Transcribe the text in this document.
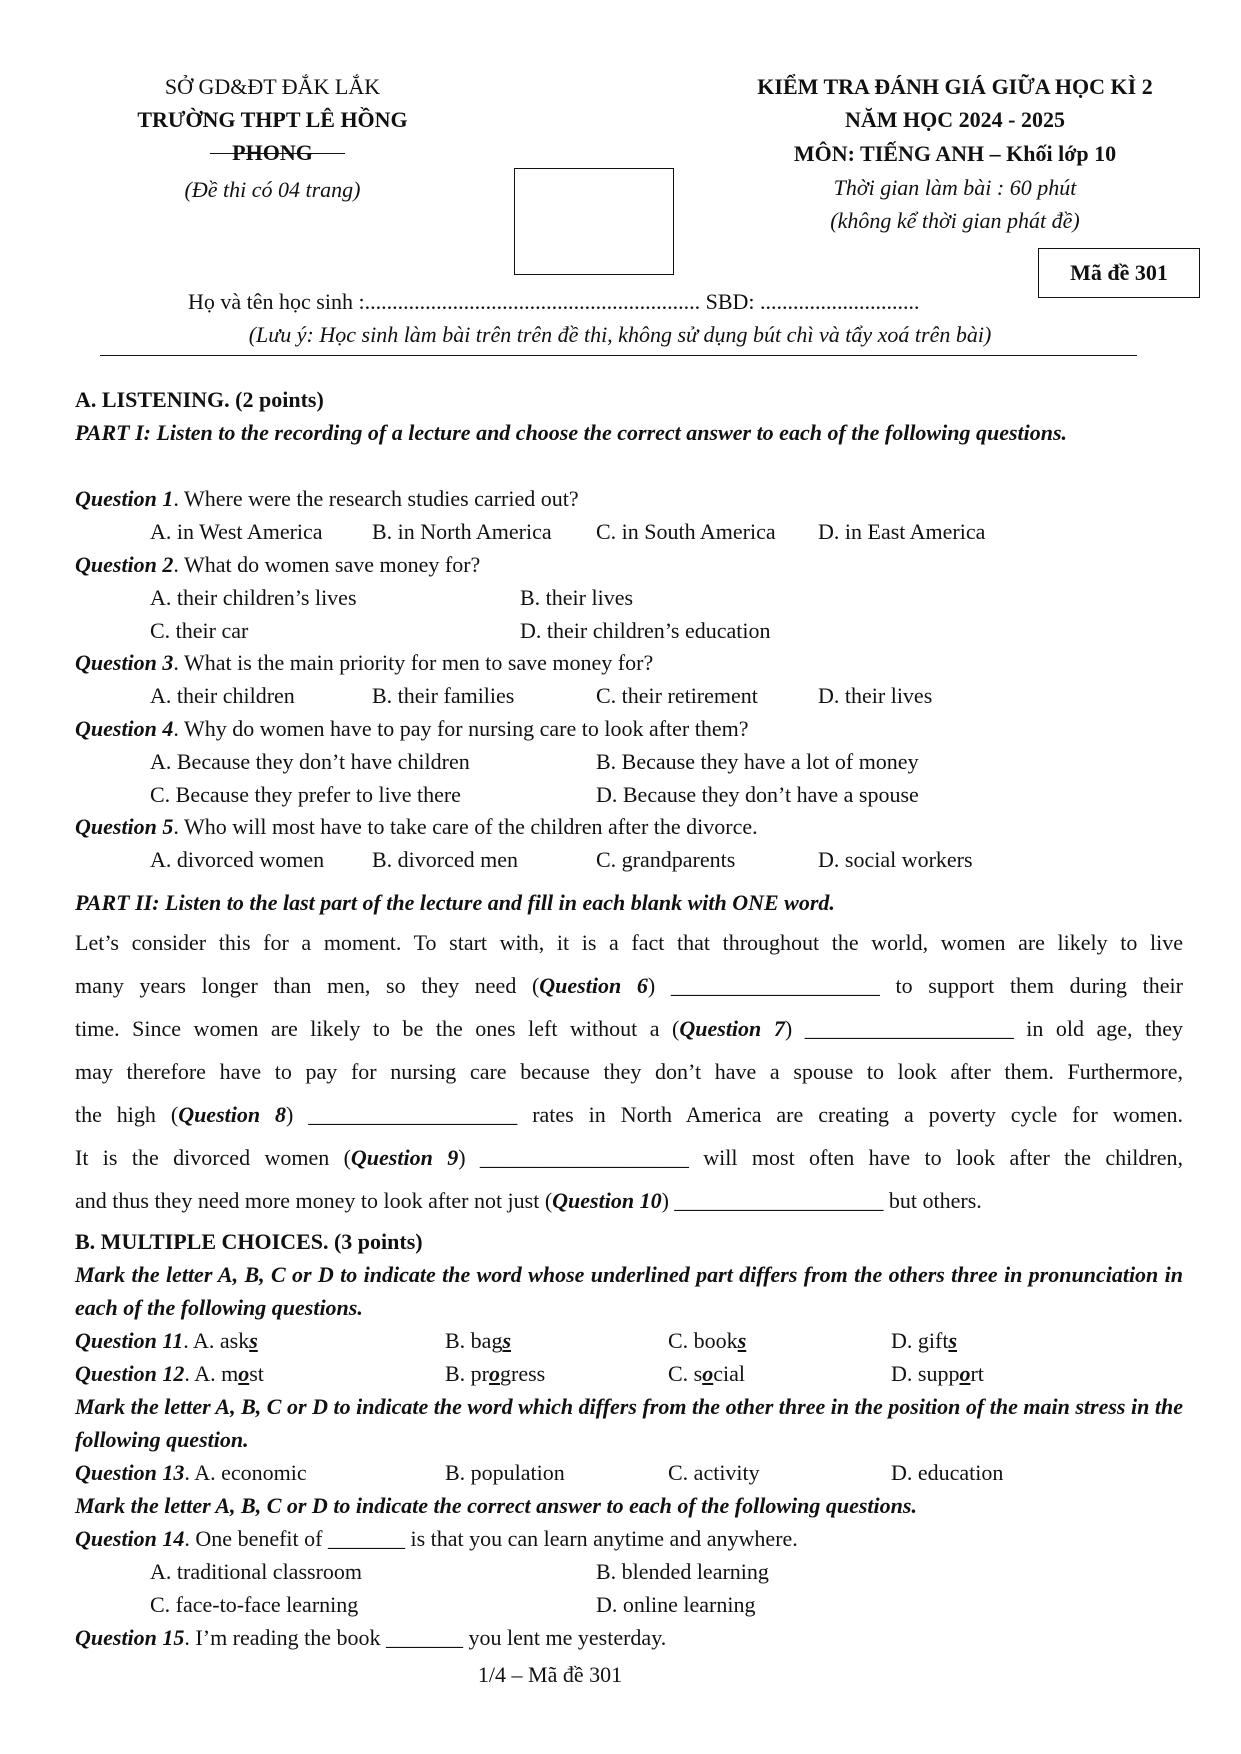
SỞ GD&ĐT ĐẮK LẮK
TRƯỜNG THPT LÊ HỒNG PHONG
(Đề thi có 04 trang)
KIỂM TRA ĐÁNH GIÁ GIỮA HỌC KÌ 2
NĂM HỌC 2024 - 2025
MÔN: TIẾNG ANH – Khối lớp 10
Thời gian làm bài : 60 phút
(không kể thời gian phát đề)
Mã đề 301
Họ và tên học sinh :............................................................. SBD: .............................
(Lưu ý: Học sinh làm bài trên trên đề thi, không sử dụng bút chì và tẩy xoá trên bài)
A. LISTENING. (2 points)
PART I: Listen to the recording of a lecture and choose the correct answer to each of the following questions.
Question 1. Where were the research studies carried out?
A. in West America B. in North America C. in South America D. in East America
Question 2. What do women save money for?
A. their children’s lives	B. their lives
C. their car	D. their children’s education
Question 3. What is the main priority for men to save money for?
A. their children	B. their families	C. their retirement	D. their lives
Question 4. Why do women have to pay for nursing care to look after them?
A. Because they don’t have children	B. Because they have a lot of money
C. Because they prefer to live there	D. Because they don’t have a spouse
Question 5. Who will most have to take care of the children after the divorce.
A. divorced women B. divorced men	C. grandparents	D. social workers
PART II: Listen to the last part of the lecture and fill in each blank with ONE word.
Let’s consider this for a moment. To start with, it is a fact that throughout the world, women are likely to live
many years longer than men, so they need (Question 6) ___________________ to support them during their
time. Since women are likely to be the ones left without a (Question 7) ___________________ in old age, they
may therefore have to pay for nursing care because they don’t have a spouse to look after them. Furthermore,
the high (Question 8) ___________________ rates in North America are creating a poverty cycle for women.
It is the divorced women (Question 9) ___________________ will most often have to look after the children,
and thus they need more money to look after not just (Question 10) ___________________ but others.
B. MULTIPLE CHOICES. (3 points)
Mark the letter A, B, C or D to indicate the word whose underlined part differs from the others three in pronunciation in each of the following questions.
Question 11. A. asks	B. bags	C. books	D. gifts
Question 12. A. most	B. progress	C. social	D. support
Mark the letter A, B, C or D to indicate the word which differs from the other three in the position of the main stress in the following question.
Question 13. A. economic	B. population	C. activity	D. education
Mark the letter A, B, C or D to indicate the correct answer to each of the following questions.
Question 14. One benefit of _______ is that you can learn anytime and anywhere.
A. traditional classroom	B. blended learning
C. face-to-face learning	D. online learning
Question 15. I’m reading the book _______ you lent me yesterday.
1/4 – Mã đề 301
